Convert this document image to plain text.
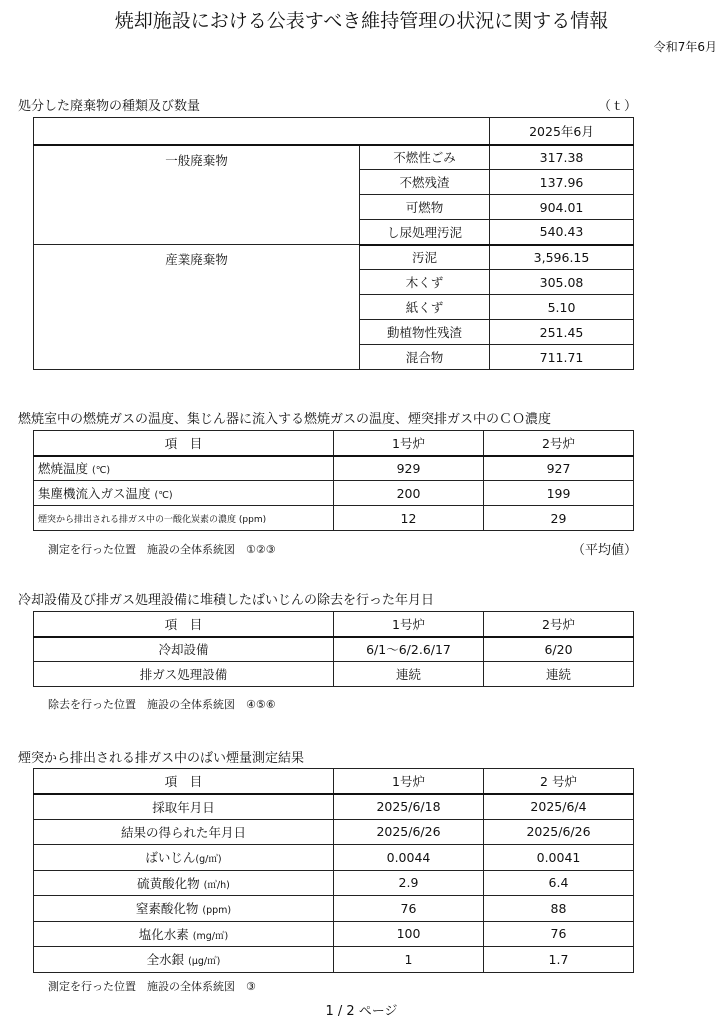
焼却施設における公表すべき維持管理の状況に関する情報
令和7年6月
処分した廃棄物の種類及び数量	（ｔ）
		2025年6月
一般廃棄物	不燃性ごみ	317.38
	不燃残渣	137.96
	可燃物	904.01
	し尿処理汚泥	540.43
産業廃棄物	汚泥	3,596.15
	木くず	305.08
	紙くず	5.10
	動植物性残渣	251.45
	混合物	711.71
燃焼室中の燃焼ガスの温度、集じん器に流入する燃焼ガスの温度、煙突排ガス中のＣＯ濃度
項　目	1号炉	2号炉
燃焼温度 (℃)	929	927
集塵機流入ガス温度 (℃)	200	199
煙突から排出される排ガス中の一酸化炭素の濃度 (ppm)	12	29
測定を行った位置　施設の全体系統図　①②③	（平均値）
冷却設備及び排ガス処理設備に堆積したばいじんの除去を行った年月日
項　目	1号炉	2号炉
冷却設備	6/1～6/2.6/17	6/20
排ガス処理設備	連続	連続
除去を行った位置　施設の全体系統図　④⑤⑥
煙突から排出される排ガス中のばい煙量測定結果
項　目	1号炉	2 号炉
採取年月日	2025/6/18	2025/6/4
結果の得られた年月日	2025/6/26	2025/6/26
ばいじん(g/㎥)	0.0044	0.0041
硫黄酸化物 (㎥/h)	2.9	6.4
窒素酸化物 (ppm)	76	88
塩化水素 (mg/㎥)	100	76
全水銀 (μg/㎥)	1	1.7
測定を行った位置　施設の全体系統図　③
1 / 2 ページ
